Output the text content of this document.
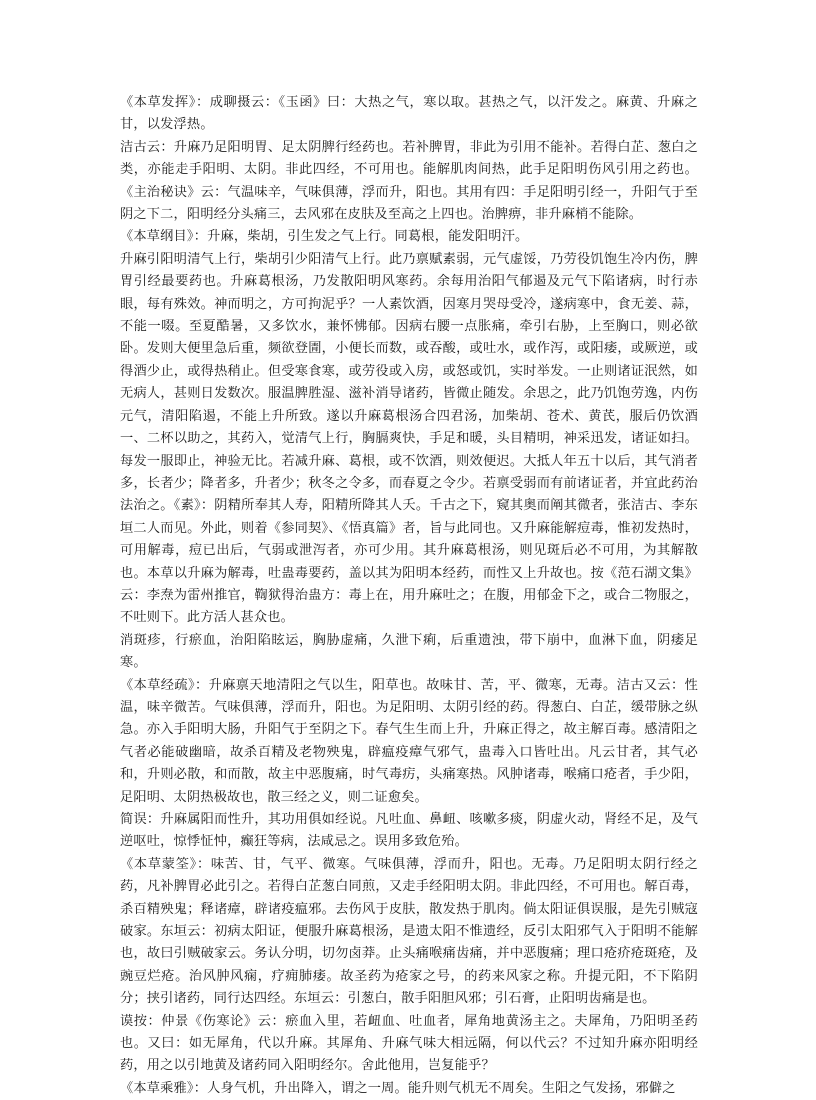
《本草发挥》：成聊摄云：《玉函》曰：大热之气，寒以取。甚热之气，以汗发之。麻黄、升麻之甘，以发浮热。

洁古云：升麻乃足阳明胃、足太阴脾行经药也。若补脾胃，非此为引用不能补。若得白芷、葱白之类，亦能走手阳明、太阴。非此四经，不可用也。能解肌肉间热，此手足阳明伤风引用之药也。《主治秘诀》云：气温味辛，气味俱薄，浮而升，阳也。其用有四：手足阳明引经一，升阳气于至阴之下二，阳明经分头痛三，去风邪在皮肤及至高之上四也。治脾痹，非升麻梢不能除。

《本草纲目》：升麻，柴胡，引生发之气上行。同葛根，能发阳明汗。

升麻引阳明清气上行，柴胡引少阳清气上行。此乃禀赋素弱，元气虚馁，乃劳役饥饱生冷内伤，脾胃引经最要药也。升麻葛根汤，乃发散阳明风寒药。余每用治阳气郁遏及元气下陷诸病，时行赤眼，每有殊效。神而明之，方可拘泥乎？一人素饮酒，因寒月哭母受冷，遂病寒中，食无姜、蒜，不能一啜。至夏酷暑，又多饮水，兼怀怫郁。因病右腰一点胀痛，牵引右胁，上至胸口，则必欲卧。发则大便里急后重，频欲登圊，小便长而数，或吞酸，或吐水，或作泻，或阳痿，或厥逆，或得酒少止，或得热稍止。但受寒食寒，或劳役或入房，或怒或饥，实时举发。一止则诸证泯然，如无病人，甚则日发数次。服温脾胜湿、滋补消导诸药，皆微止随发。余思之，此乃饥饱劳逸，内伤元气，清阳陷遏，不能上升所致。遂以升麻葛根汤合四君汤，加柴胡、苍术、黄芪，服后仍饮酒一、二杯以助之，其药入，觉清气上行，胸膈爽快，手足和暖，头目精明，神采迅发，诸证如扫。每发一服即止，神验无比。若减升麻、葛根，或不饮酒，则效便迟。大抵人年五十以后，其气消者多，长者少；降者多，升者少；秋冬之令多，而春夏之令少。若禀受弱而有前诸证者，并宜此药治法治之。《素》：阴精所奉其人寿，阳精所降其人夭。千古之下，窥其奥而阐其微者，张洁古、李东垣二人而见。外此，则着《参同契》、《悟真篇》者，旨与此同也。又升麻能解痘毒，惟初发热时，可用解毒，痘已出后，气弱或泄泻者，亦可少用。其升麻葛根汤，则见斑后必不可用，为其解散也。本草以升麻为解毒，吐蛊毒要药，盖以其为阳明本经药，而性又上升故也。按《范石湖文集》云：李焘为雷州推官，鞫狱得治蛊方：毒上在，用升麻吐之；在腹，用郁金下之，或合二物服之，不吐则下。此方活人甚众也。

消斑疹，行瘀血，治阳陷眩运，胸胁虚痛，久泄下痢，后重遗浊，带下崩中，血淋下血，阴痿足寒。

《本草经疏》：升麻禀天地清阳之气以生，阳草也。故味甘、苦，平、微寒，无毒。洁古又云：性温，味辛微苦。气味俱薄，浮而升，阳也。为足阳明、太阴引经的药。得葱白、白芷，缓带脉之纵急。亦入手阳明大肠，升阳气于至阴之下。春气生生而上升，升麻正得之，故主解百毒。感清阳之气者必能破幽暗，故杀百精及老物殃鬼，辟瘟疫瘴气邪气，蛊毒入口皆吐出。凡云甘者，其气必和，升则必散，和而散，故主中恶腹痛，时气毒疠，头痛寒热。风肿诸毒，喉痛口疮者，手少阳，足阳明、太阴热极故也，散三经之义，则二证愈矣。

简误：升麻属阳而性升，其功用俱如经说。凡吐血、鼻衄、咳嗽多痰，阴虚火动，肾经不足，及气逆呕吐，惊悸怔忡，癫狂等病，法咸忌之。误用多致危殆。

《本草蒙筌》：味苦、甘，气平、微寒。气味俱薄，浮而升，阳也。无毒。乃足阳明太阴行经之药，凡补脾胃必此引之。若得白芷葱白同煎，又走手经阳明太阴。非此四经，不可用也。解百毒，杀百精殃鬼；释诸瘴，辟诸疫瘟邪。去伤风于皮肤，散发热于肌肉。倘太阳证俱误服，是先引贼寇破家。东垣云：初病太阳证，便服升麻葛根汤，是遗太阳不惟遗经，反引太阳邪气入于阳明不能解也，故曰引贼破家云。务认分明，切勿卤莽。止头痛喉痛齿痛，并中恶腹痛；理口疮疥疮斑疮，及豌豆烂疮。治风肿风痫，疗痈肺痿。故圣药为疮家之号，的药来风家之称。升提元阳，不下陷阴分；挟引诸药，同行达四经。东垣云：引葱白，散手阳胆风邪；引石膏，止阳明齿痛是也。

谟按：仲景《伤寒论》云：瘀血入里，若衄血、吐血者，犀角地黄汤主之。夫犀角，乃阳明圣药也。又曰：如无犀角，代以升麻。其犀角、升麻气味大相远隔，何以代云？不过知升麻亦阳明经药，用之以引地黄及诸药同入阳明经尔。舍此他用，岂复能乎？

《本草乘雅》：人身气机，升出降入，谓之一周。能升则气机无不周矣。生阳之气发扬，邪僻之
